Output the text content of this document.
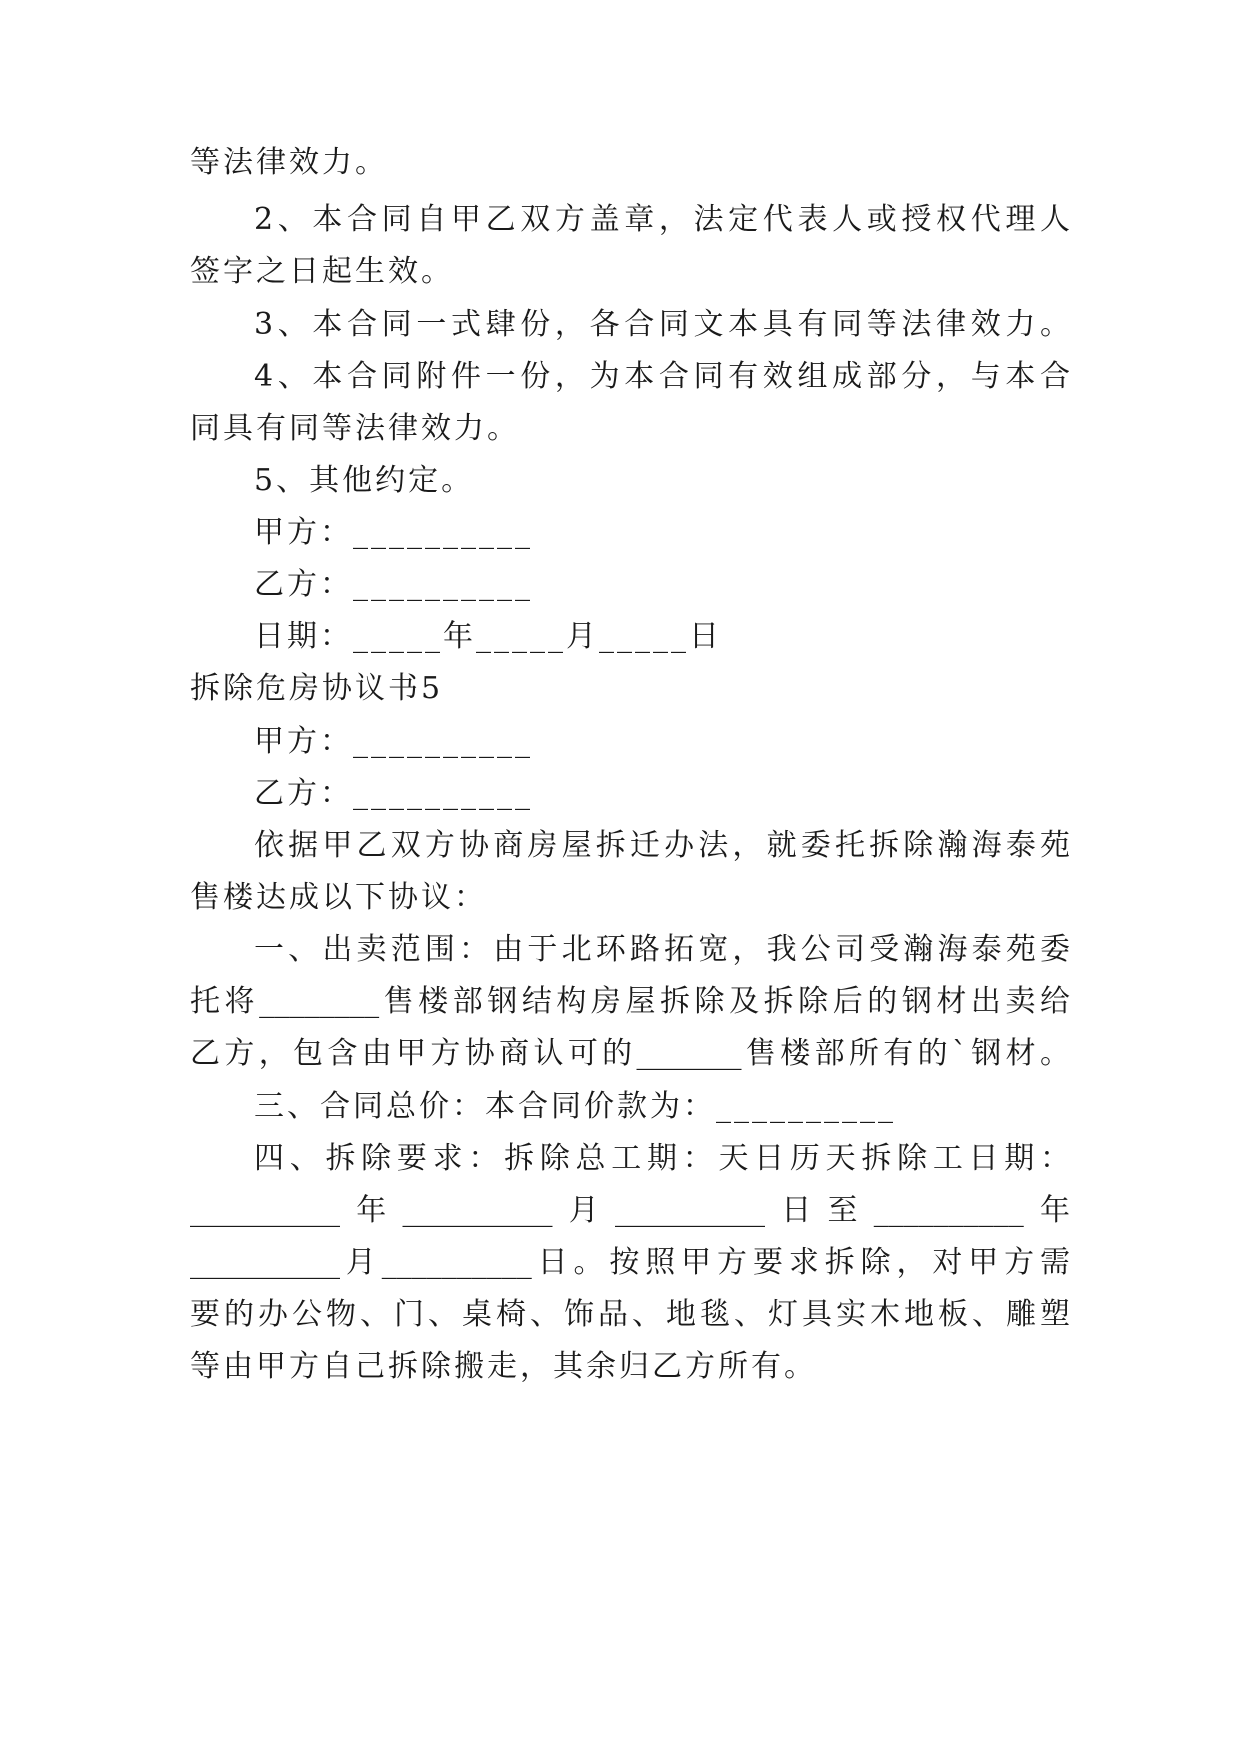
等法律效力。
2、本合同自甲乙双方盖章，法定代表人或授权代理人
签字之日起生效。
3、本合同一式肆份，各合同文本具有同等法律效力。
4、本合同附件一份，为本合同有效组成部分，与本合
同具有同等法律效力。
5、其他约定。
甲方：__________
乙方：__________
日期：_____年_____月_____日
拆除危房协议书5
甲方：__________
乙方：__________
依据甲乙双方协商房屋拆迁办法，就委托拆除瀚海泰苑
售楼达成以下协议：
一、出卖范围：由于北环路拓宽，我公司受瀚海泰苑委
托将________售楼部钢结构房屋拆除及拆除后的钢材出卖给
乙方，包含由甲方协商认可的_______售楼部所有的`钢材。
三、合同总价：本合同价款为：__________
四、拆除要求：拆除总工期：天日历天拆除工日期：
__________年__________月__________日至__________年
__________月__________日。按照甲方要求拆除，对甲方需
要的办公物、门、桌椅、饰品、地毯、灯具实木地板、雕塑
等由甲方自己拆除搬走，其余归乙方所有。
